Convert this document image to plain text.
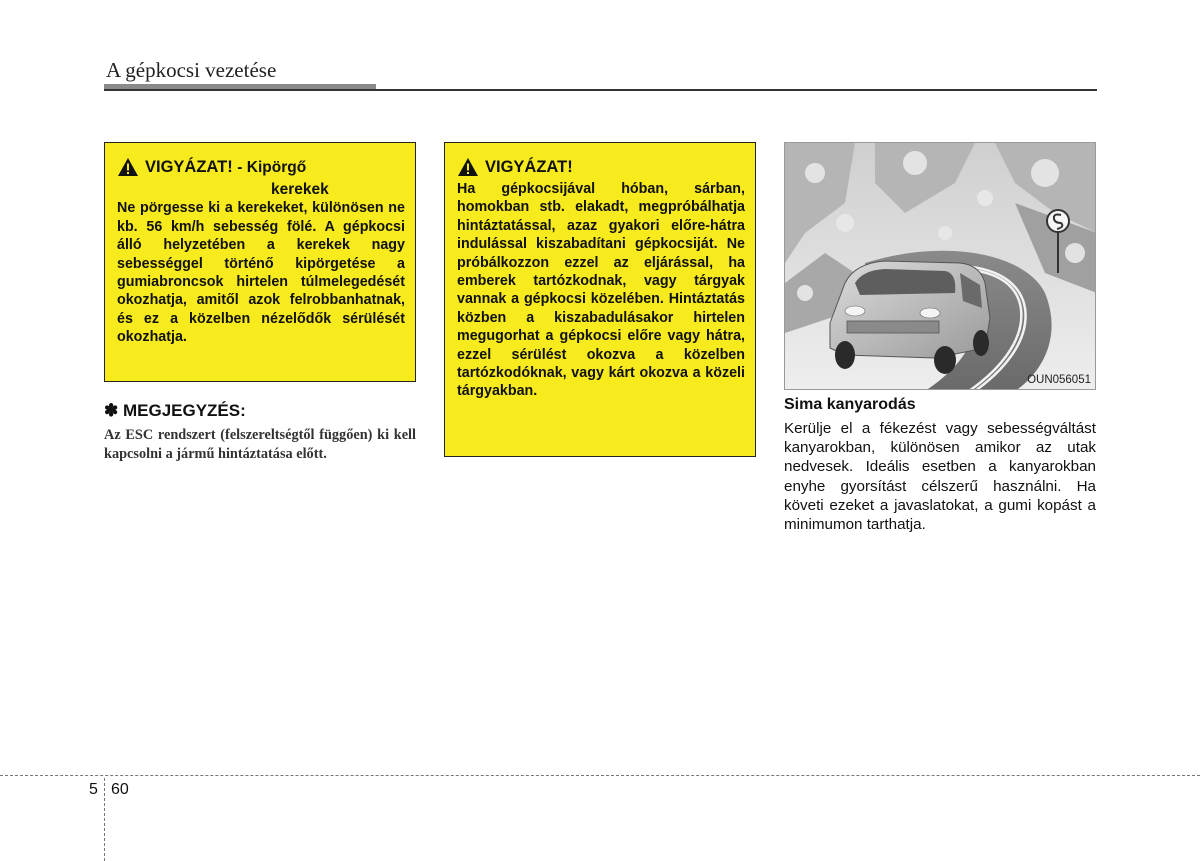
A gépkocsi vezetése
VIGYÁZAT! - Kipörgő
kerekek
Ne pörgesse ki a kerekeket, különösen ne kb. 56 km/h sebesség fölé. A gépkocsi álló helyzetében a kerekek nagy sebességgel történő kipörgetése a gumiabroncsok hirtelen túlmelegedését okozhatja, amitől azok felrobbanhatnak, és ez a közelben nézelődők sérülését okozhatja.
✽ MEGJEGYZÉS:
Az ESC rendszert (felszereltségtől függően) ki kell kapcsolni a jármű hintáztatása előtt.
VIGYÁZAT!
Ha gépkocsijával hóban, sárban, homokban stb. elakadt, megpróbálhatja hintáztatással, azaz gyakori előre-hátra indulással kiszabadítani gépkocsiját. Ne próbálkozzon ezzel az eljárással, ha emberek tartózkodnak, vagy tárgyak vannak a gépkocsi közelében. Hintáztatás közben a kiszabadulásakor hirtelen megugorhat a gépkocsi előre vagy hátra, ezzel sérülést okozva a közelben tartózkodóknak, vagy kárt okozva a közeli tárgyakban.
OUN056051
Sima kanyarodás
Kerülje el a fékezést vagy sebességváltást kanyarokban, különösen amikor az utak nedvesek. Ideális esetben a kanyarokban enyhe gyorsítást célszerű használni. Ha követi ezeket a javaslatokat, a gumi kopást a minimumon tarthatja.
5 60
